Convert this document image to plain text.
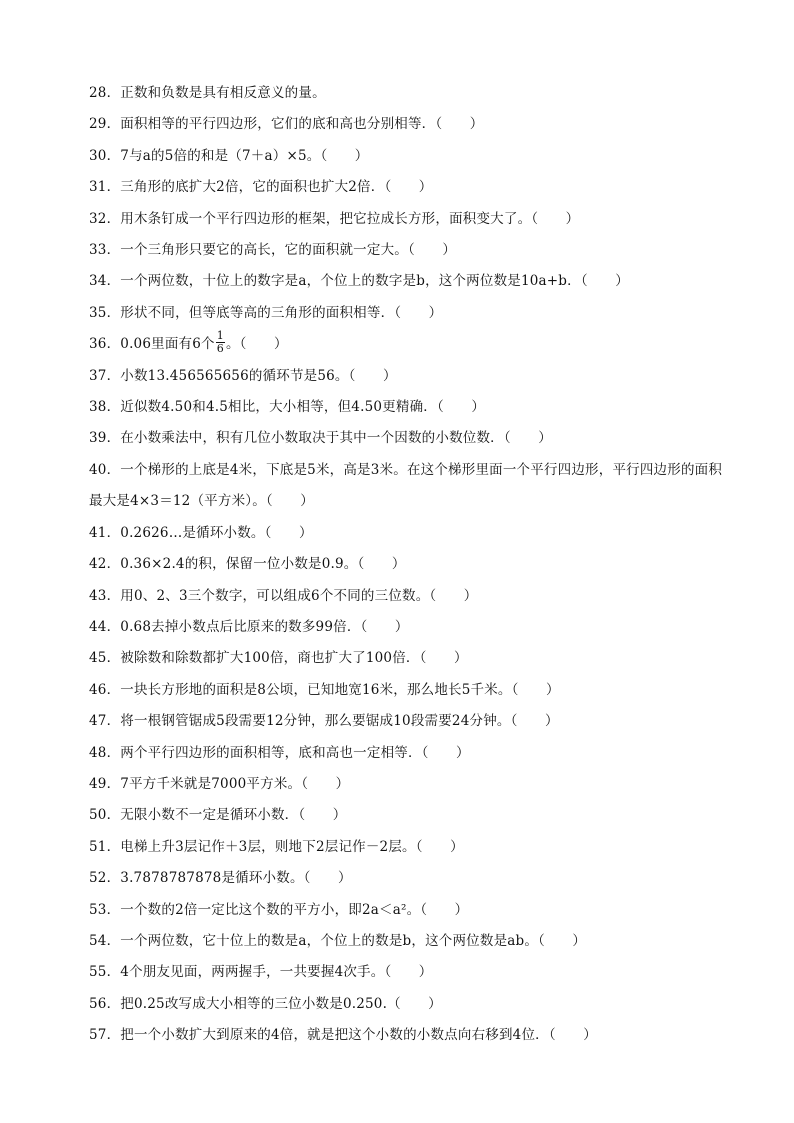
28．正数和负数是具有相反意义的量。
29．面积相等的平行四边形，它们的底和高也分别相等．（　　）
30．7与a的5倍的和是（7＋a）×5。（　　）
31．三角形的底扩大2倍，它的面积也扩大2倍．（　　）
32．用木条钉成一个平行四边形的框架，把它拉成长方形，面积变大了。（　　）
33．一个三角形只要它的高长，它的面积就一定大。（　　）
34．一个两位数，十位上的数字是a，个位上的数字是b，这个两位数是10a+b．（　　）
35．形状不同，但等底等高的三角形的面积相等．（　　）
36．0.06里面有6个 $\frac{1}{6}$ 。（　　）
37．小数13.456565656的循环节是56。（　　）
38．近似数4.50和4.5相比，大小相等，但4.50更精确．（　　）
39．在小数乘法中，积有几位小数取决于其中一个因数的小数位数．（　　）
40．一个梯形的上底是4米，下底是5米，高是3米。在这个梯形里面一个平行四边形，平行四边形的面积最大是4×3＝12（平方米）。（　　）
41．0.2626…是循环小数。（　　）
42．0.36×2.4的积，保留一位小数是0.9。（　　）
43．用0、2、3三个数字，可以组成6个不同的三位数。（　　）
44．0.68去掉小数点后比原来的数多99倍．（　　）
45．被除数和除数都扩大100倍，商也扩大了100倍．（　　）
46．一块长方形地的面积是8公顷，已知地宽16米，那么地长5千米。（　　）
47．将一根钢管锯成5段需要12分钟，那么要锯成10段需要24分钟。（　　）
48．两个平行四边形的面积相等，底和高也一定相等．（　　）
49．7平方千米就是7000平方米。（　　）
50．无限小数不一定是循环小数．（　　）
51．电梯上升3层记作＋3层，则地下2层记作－2层。（　　）
52．3.7878787878是循环小数。（　　）
53．一个数的2倍一定比这个数的平方小，即2a＜a²。（　　）
54．一个两位数，它十位上的数是a，个位上的数是b，这个两位数是ab。（　　）
55．4个朋友见面，两两握手，一共要握4次手。（　　）
56．把0.25改写成大小相等的三位小数是0.250.（　　）
57．把一个小数扩大到原来的4倍，就是把这个小数的小数点向右移到4位．（　　）
